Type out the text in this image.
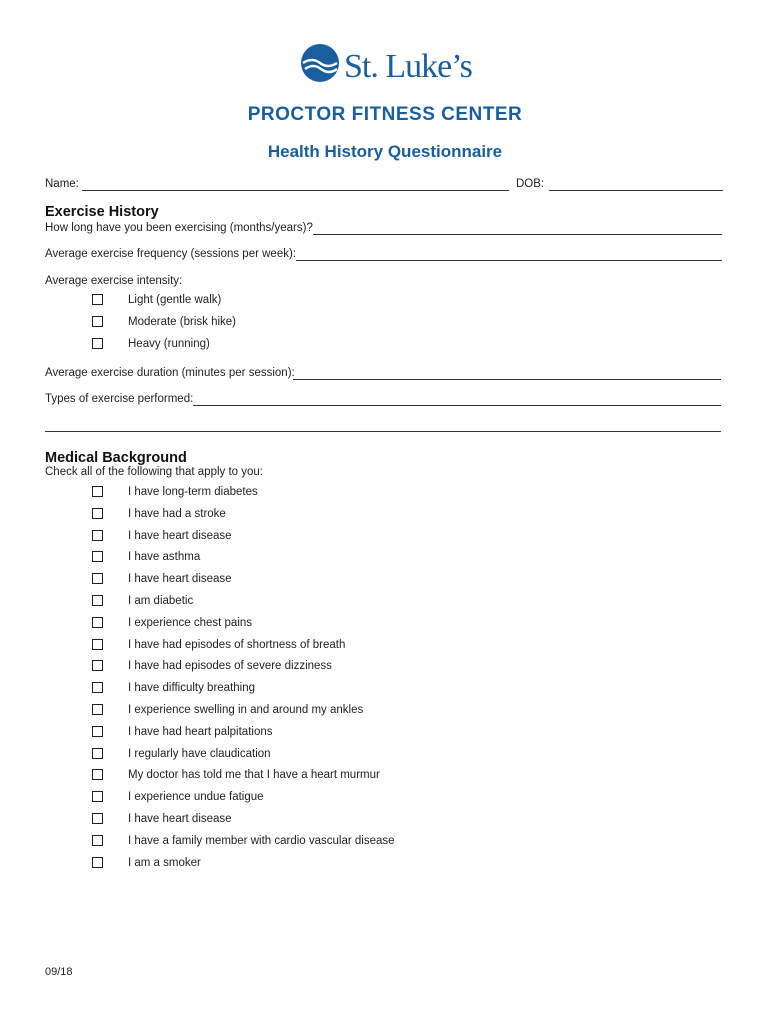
St. Luke’s
PROCTOR FITNESS CENTER
Health History Questionnaire
Name:	DOB:
Exercise History
How long have you been exercising (months/years)?
Average exercise frequency (sessions per week):
Average exercise intensity:
Light (gentle walk)
Moderate (brisk hike)
Heavy (running)
Average exercise duration (minutes per session):
Types of exercise performed:
Medical Background
Check all of the following that apply to you:
I have long-term diabetes
I have had a stroke
I have heart disease
I have asthma
I have heart disease
I am diabetic
I experience chest pains
I have had episodes of shortness of breath
I have had episodes of severe dizziness
I have difficulty breathing
I experience swelling in and around my ankles
I have had heart palpitations
I regularly have claudication
My doctor has told me that I have a heart murmur
I experience undue fatigue
I have heart disease
I have a family member with cardio vascular disease
I am a smoker
09/18
